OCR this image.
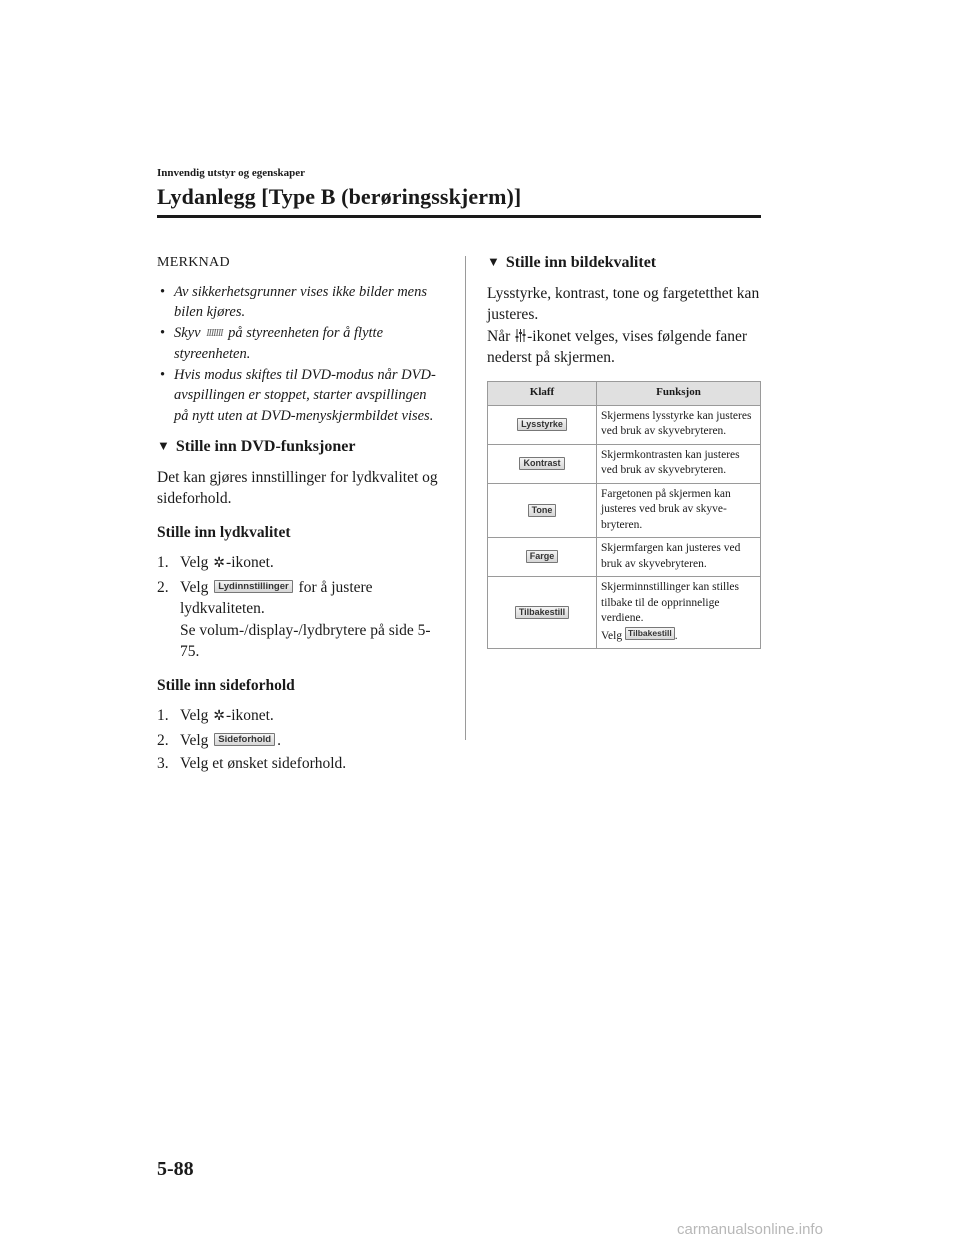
Innvendig utstyr og egenskaper
Lydanlegg [Type B (berøringsskjerm)]
MERKNAD
• Av sikkerhetsgrunner vises ikke bilder mens bilen kjøres.
• Skyv IIIIIII på styreenheten for å flytte styreenheten.
• Hvis modus skiftes til DVD-modus når DVD-avspillingen er stoppet, starter avspillingen på nytt uten at DVD-menyskjermbildet vises.
▼ Stille inn DVD-funksjoner

Det kan gjøres innstillinger for lydkvalitet og sideforhold.

Stille inn lydkvalitet
1. Velg ✲-ikonet.
2. Velg Lydinnstillinger for å justere lydkvaliteten.
Se volum-/display-/lydbrytere på side 5-75.
Stille inn sideforhold
1. Velg ✲-ikonet.
2. Velg Sideforhold .
3. Velg et ønsket sideforhold.
▼ Stille inn bildekvalitet

Lysstyrke, kontrast, tone og fargetetthet kan justeres.

Når -ikonet velges, vises følgende faner nederst på skjermen.

Klaff	Funksjon
Lysstyrke	Skjermens lysstyrke kan justeres ved bruk av skyvebryteren.
Kontrast	Skjermkontrasten kan justeres ved bruk av skyvebryteren.
Tone	Fargetonen på skjermen kan justeres ved bruk av skyvebryteren.
Farge	Skjermfargen kan justeres ved bruk av skyvebryteren.
Tilbakestill	Skjerminnstillinger kan stilles tilbake til de opprinnelige verdiene.
Velg Tilbakestill .
5-88
carmanualsonline.info
